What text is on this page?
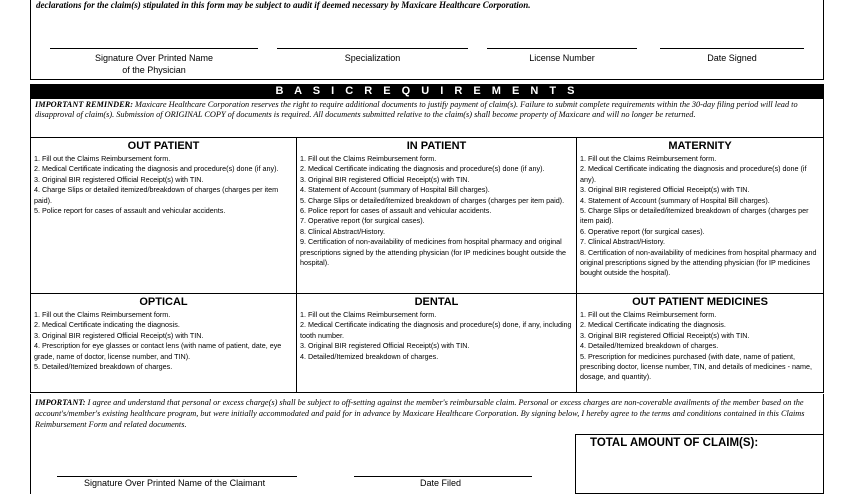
declarations for the claim(s) stipulated in this form may be subject to audit if deemed necessary by Maxicare Healthcare Corporation.
Signature Over Printed Name
of the Physician
Specialization	License Number	Date Signed
B A S I C R E Q U I R E M E N T S
IMPORTANT REMINDER: Maxicare Healthcare Corporation reserves the right to require additional documents to justify payment of claim(s). Failure to submit complete requirements within the 30-day filing period will lead to disapproval of claim(s). Submission of ORIGINAL COPY of documents is required. All documents submitted relative to the claim(s) shall become property of Maxicare and will no longer be returned.
OUT PATIENT
1. Fill out the Claims Reimbursement form.
2. Medical Certificate indicating the diagnosis and procedure(s) done (if any).
3. Original BIR registered Official Receipt(s) with TIN.
4. Charge Slips or detailed itemized/breakdown of charges (charges per item paid).
5. Police report for cases of assault and vehicular accidents.
IN PATIENT
1. Fill out the Claims Reimbursement form.
2. Medical Certificate indicating the diagnosis and procedure(s) done (if any).
3. Original BIR registered Official Receipt(s) with TIN.
4. Statement of Account (summary of Hospital Bill charges).
5. Charge Slips or detailed/itemized breakdown of charges (charges per item paid).
6. Police report for cases of assault and vehicular accidents.
7. Operative report (for surgical cases).
8. Clinical Abstract/History.
9. Certification of non-availability of medicines from hospital pharmacy and original prescriptions signed by the attending physician (for IP medicines bought outside the hospital).
MATERNITY
1. Fill out the Claims Reimbursement form.
2. Medical Certificate indicating the diagnosis and procedure(s) done (if any).
3. Original BIR registered Official Receipt(s) with TIN.
4. Statement of Account (summary of Hospital Bill charges).
5. Charge Slips or detailed/itemized breakdown of charges (charges per item paid).
6. Operative report (for surgical cases).
7. Clinical Abstract/History.
8. Certification of non-availability of medicines from hospital pharmacy and original prescriptions signed by the attending physician (for IP medicines bought outside the hospital).
OPTICAL
1. Fill out the Claims Reimbursement form.
2. Medical Certificate indicating the diagnosis.
3. Original BIR registered Official Receipt(s) with TIN.
4. Prescription for eye glasses or contact lens (with name of patient, date, eye grade, name of doctor, license number, and TIN).
5. Detailed/Itemized breakdown of charges.
DENTAL
1. Fill out the Claims Reimbursement form.
2. Medical Certificate indicating the diagnosis and procedure(s) done, if any, including tooth number.
3. Original BIR registered Official Receipt(s) with TIN.
4. Detailed/Itemized breakdown of charges.
OUT PATIENT MEDICINES
1. Fill out the Claims Reimbursement form.
2. Medical Certificate indicating the diagnosis.
3. Original BIR registered Official Receipt(s) with TIN.
4. Detailed/Itemized breakdown of charges.
5. Prescription for medicines purchased (with date, name of patient, prescribing doctor, license number, TIN, and details of medicines - name, dosage, and quantity).
IMPORTANT: I agree and understand that personal or excess charge(s) shall be subject to off-setting against the member's reimbursable claim. Personal or excess charges are non-coverable availments of the member based on the account's/member's existing healthcare program, but were initially accommodated and paid for in advance by Maxicare Healthcare Corporation. By signing below, I hereby agree to the terms and conditions contained in this Claims Reimbursement Form and related documents.
TOTAL AMOUNT OF CLAIM(S):
Signature Over Printed Name of the Claimant	Date Filed
